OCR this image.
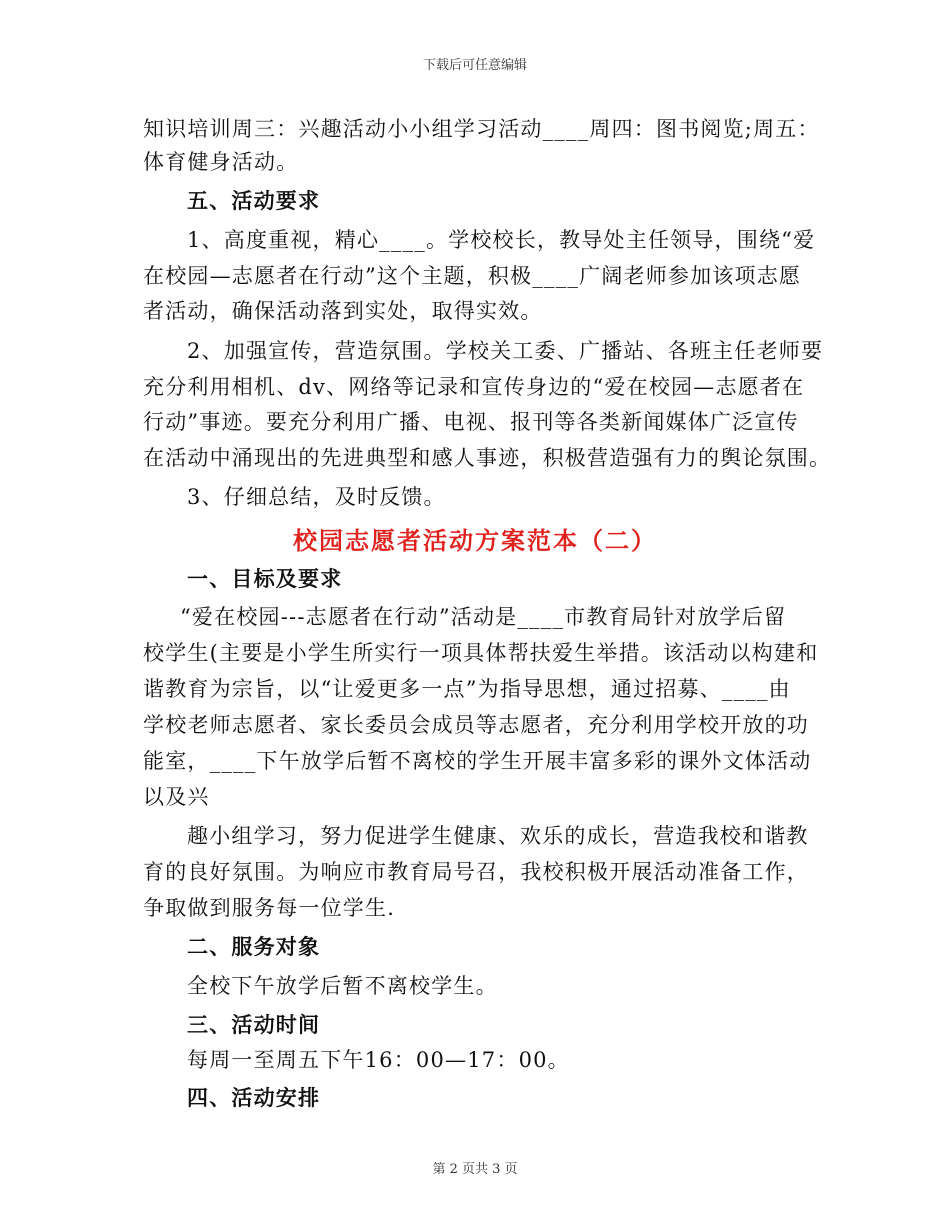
下载后可任意编辑
知识培训周三：兴趣活动小小组学习活动____周四：图书阅览;周五：
体育健身活动。
五、活动要求
1、高度重视，精心____。学校校长，教导处主任领导，围绕“爱
在校园—志愿者在行动”这个主题，积极____广阔老师参加该项志愿
者活动，确保活动落到实处，取得实效。
2、加强宣传，营造氛围。学校关工委、广播站、各班主任老师要
充分利用相机、dv、网络等记录和宣传身边的“爱在校园—志愿者在
行动”事迹。要充分利用广播、电视、报刊等各类新闻媒体广泛宣传
在活动中涌现出的先进典型和感人事迹，积极营造强有力的舆论氛围。
3、仔细总结，及时反馈。
校园志愿者活动方案范本（二）
一、目标及要求
“爱在校园---志愿者在行动”活动是____市教育局针对放学后留
校学生(主要是小学生所实行一项具体帮扶爱生举措。该活动以构建和
谐教育为宗旨，以“让爱更多一点”为指导思想，通过招募、____由
学校老师志愿者、家长委员会成员等志愿者，充分利用学校开放的功
能室，____下午放学后暂不离校的学生开展丰富多彩的课外文体活动
以及兴
趣小组学习，努力促进学生健康、欢乐的成长，营造我校和谐教
育的良好氛围。为响应市教育局号召，我校积极开展活动准备工作，
争取做到服务每一位学生.
二、服务对象
全校下午放学后暂不离校学生。
三、活动时间
每周一至周五下午16：00—17：00。
四、活动安排
第 2 页共 3 页
